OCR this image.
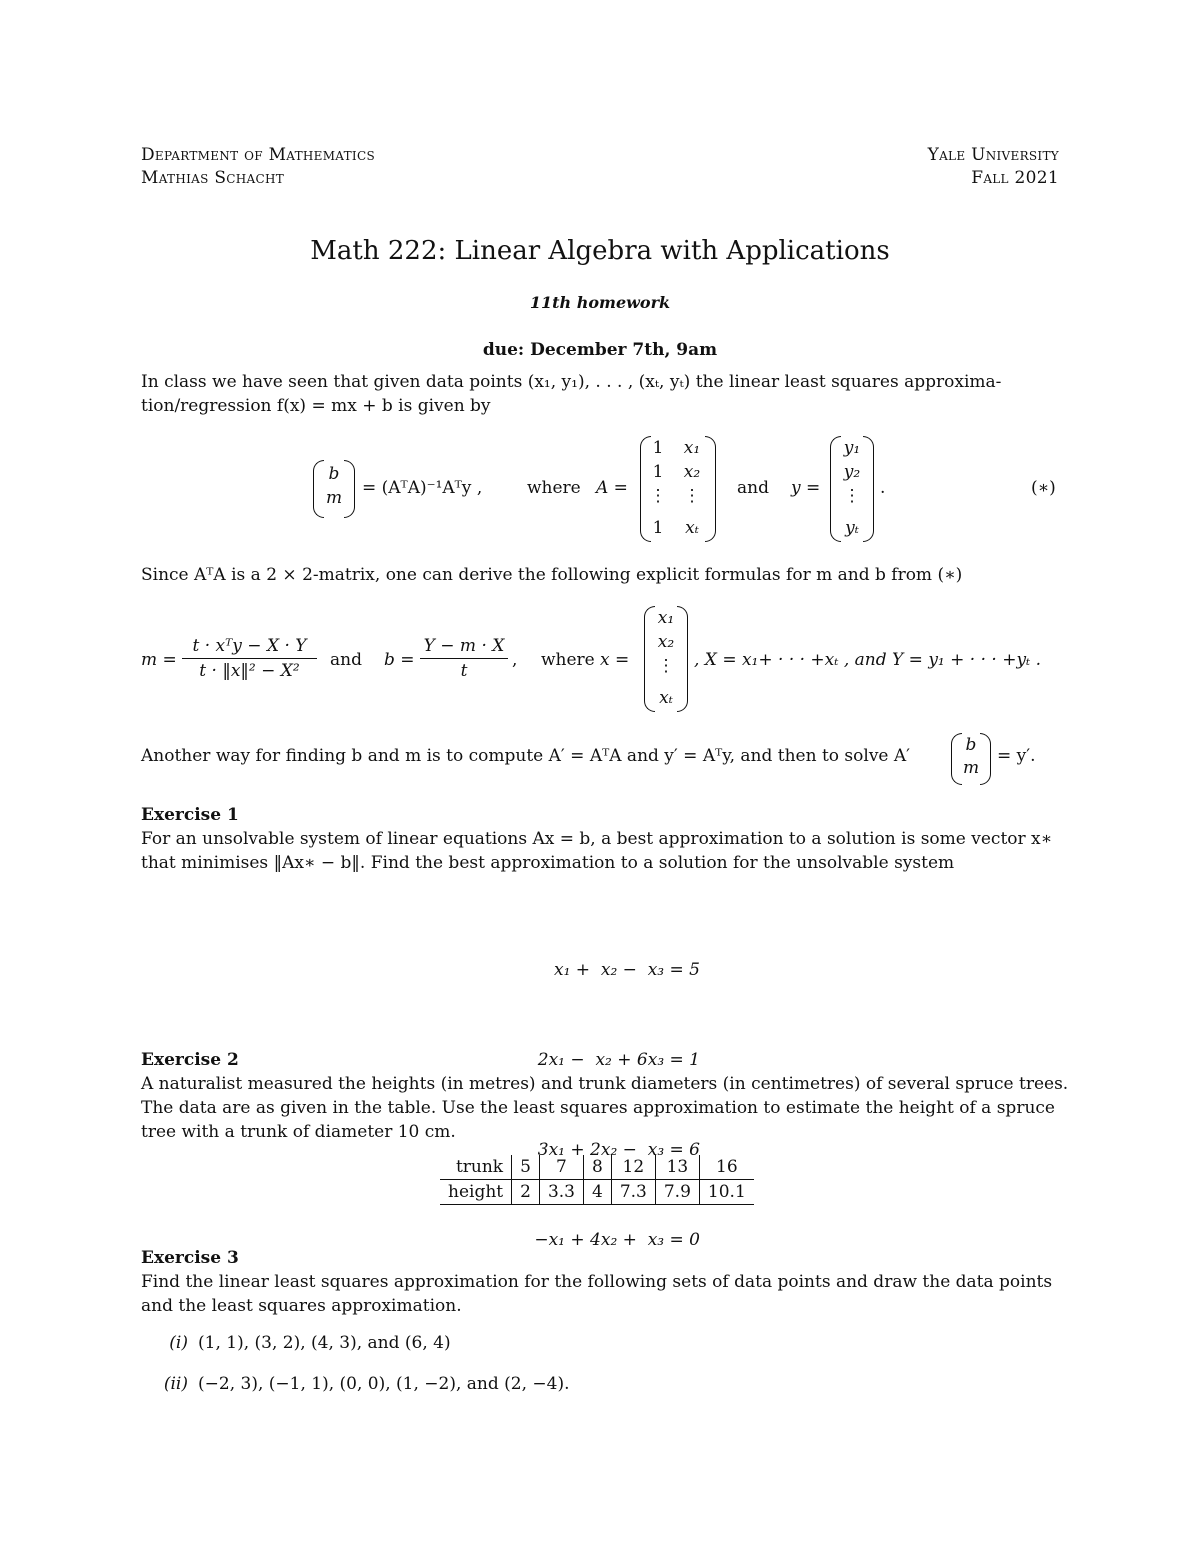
Department of Mathematics
Mathias Schacht
Yale University
Fall 2021
Math 222: Linear Algebra with Applications
11th homework
due: December 7th, 9am
In class we have seen that given data points (x₁, y₁), . . . , (xₜ, yₜ) the linear least squares approxima-
tion/regression f(x) = mx + b is given by
b
m	= (AᵀA)⁻¹Aᵀy ,	where A =
1
1
⋮
1
x₁
x₂
⋮
xₜ
and y =
y₁
y₂
⋮
yₜ
.	(∗)
Since AᵀA is a 2 × 2-matrix, one can derive the following explicit formulas for m and b from (∗)
m =
t · xᵀy − X · Y
t · ‖x‖² − X²
and b =
Y − m · X
t
, where x =
x₁
x₂
⋮
xₜ
, X = x₁+ · · · +xₜ , and Y = y₁ + · · · +yₜ .
Another way for finding b and m is to compute A′ = AᵀA and y′ = Aᵀy, and then to solve A′
b
m
= y′.
Exercise 1
For an unsolvable system of linear equations Ax = b, a best approximation to a solution is some vector x∗
that minimises ‖Ax∗ − b‖. Find the best approximation to a solution for the unsolvable system

x₁ +  x₂ −  x₃ = 5

2x₁ −  x₂ + 6x₃ = 1

3x₁ + 2x₂ −  x₃ = 6

−x₁ + 4x₂ +  x₃ = 0

Exercise 2
A naturalist measured the heights (in metres) and trunk diameters (in centimetres) of several spruce trees.
The data are as given in the table. Use the least squares approximation to estimate the height of a spruce
tree with a trunk of diameter 10 cm.
trunk	5	7	8	12	13	16
height	2	3.3	4	7.3	7.9	10.1
Exercise 3
Find the linear least squares approximation for the following sets of data points and draw the data points
and the least squares approximation.
(i) (1, 1), (3, 2), (4, 3), and (6, 4)
(ii) (−2, 3), (−1, 1), (0, 0), (1, −2), and (2, −4).
